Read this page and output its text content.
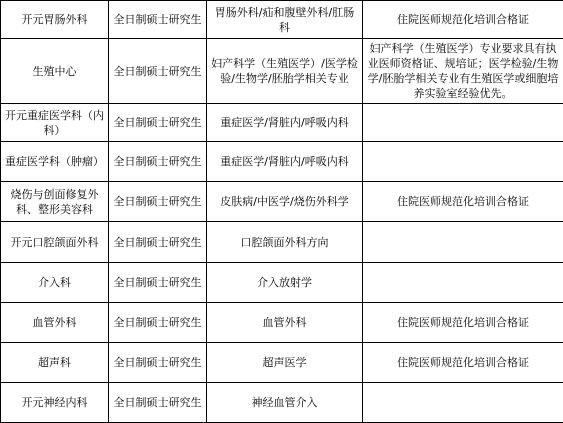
开元胃肠外科	全日制硕士研究生	胃肠外科/疝和腹壁外科/肛肠科	住院医师规范化培训合格证
生殖中心	全日制硕士研究生	妇产科学（生殖医学）/医学检验/生物学/胚胎学相关专业	妇产科学（生殖医学）专业要求具有执业医师资格证、规培证；医学检验/生物学/胚胎学相关专业有生殖医学或细胞培养实验室经验优先。
开元重症医学科（内科）	全日制硕士研究生	重症医学/肾脏内/呼吸内科	
重症医学科（肿瘤）	全日制硕士研究生	重症医学/肾脏内/呼吸内科	
烧伤与创面修复外科、整形美容科	全日制硕士研究生	皮肤病/中医学/烧伤外科学	住院医师规范化培训合格证
开元口腔颌面外科	全日制硕士研究生	口腔颌面外科方向	
介入科	全日制硕士研究生	介入放射学	
血管外科	全日制硕士研究生	血管外科	住院医师规范化培训合格证
超声科	全日制硕士研究生	超声医学	住院医师规范化培训合格证
开元神经内科	全日制硕士研究生	神经血管介入	
